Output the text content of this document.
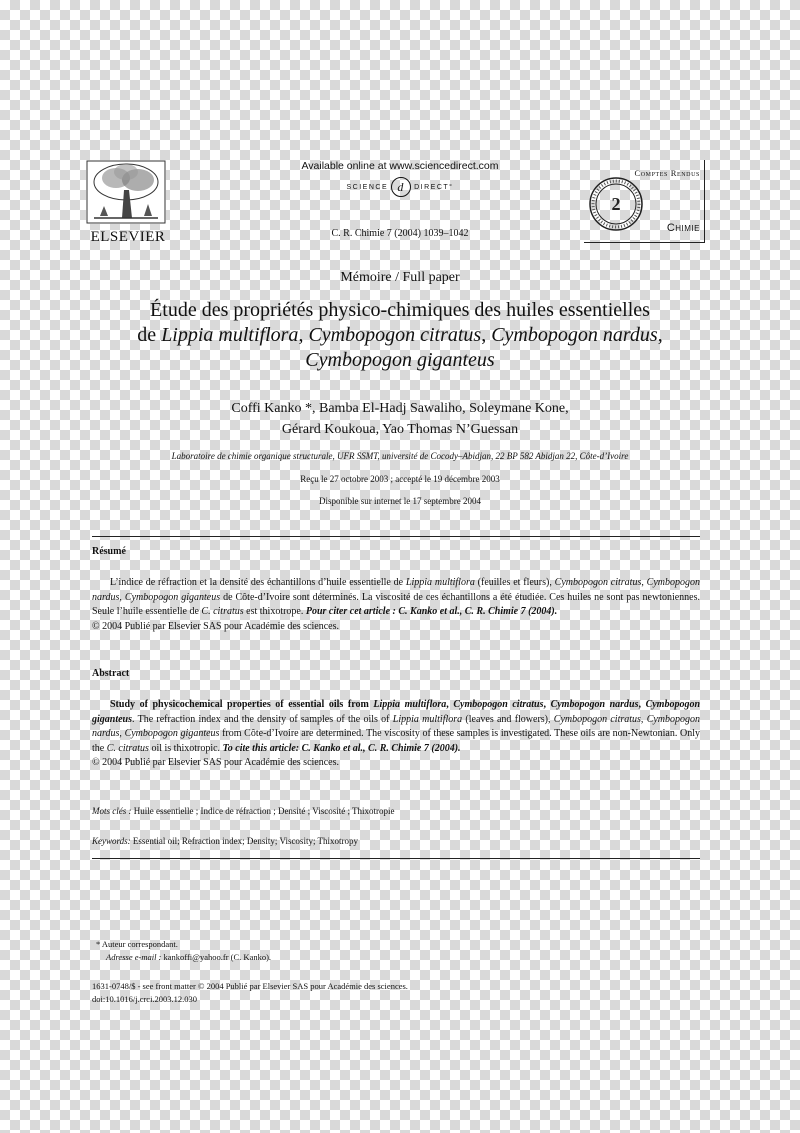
ELSEVIER
Available online at www.sciencedirect.com
SCIENCE d	DIRECT°
C. R. Chimie 7 (2004) 1039–1042
Comptes Rendus
2
Chimie
Mémoire / Full paper
Étude des propriétés physico-chimiques des huiles essentielles
de Lippia multiflora, Cymbopogon citratus, Cymbopogon nardus,
Cymbopogon giganteus
Coffi Kanko *, Bamba El-Hadj Sawaliho, Soleymane Kone,
Gérard Koukoua, Yao Thomas N’Guessan
Laboratoire de chimie organique structurale, UFR SSMT, université de Cocody–Abidjan, 22 BP 582 Abidjan 22, Côte-d’Ivoire
Reçu le 27 octobre 2003 ; accepté le 19 décembre 2003
Disponible sur internet le 17 septembre 2004
Résumé
L’indice de réfraction et la densité des échantillons d’huile essentielle de Lippia multiflora (feuilles et fleurs), Cymbopogon citratus, Cymbopogon nardus, Cymbopogon giganteus de Côte-d’Ivoire sont déterminés. La viscosité de ces échantillons a été étudiée. Ces huiles ne sont pas newtoniennes. Seule l’huile essentielle de C. citratus est thixotrope. Pour citer cet article : C. Kanko et al., C. R. Chimie 7 (2004).
© 2004 Publié par Elsevier SAS pour Académie des sciences.
Abstract
Study of physicochemical properties of essential oils from Lippia multiflora, Cymbopogon citratus, Cymbopogon nardus, Cymbopogon giganteus. The refraction index and the density of samples of the oils of Lippia multiflora (leaves and flowers), Cymbopogon citratus, Cymbopogon nardus, Cymbopogon giganteus from Côte-d’Ivoire are determined. The viscosity of these samples is investigated. These oils are non-Newtonian. Only the C. citratus oil is thixotropic. To cite this article: C. Kanko et al., C. R. Chimie 7 (2004).
© 2004 Publié par Elsevier SAS pour Académie des sciences.
Mots clés : Huile essentielle ; Indice de réfraction ; Densité ; Viscosité ; Thixotropie
Keywords: Essential oil; Refraction index; Density; Viscosity; Thixotropy
* Auteur correspondant.
Adresse e-mail : kankoffi@yahoo.fr (C. Kanko).
1631-0748/$ - see front matter © 2004 Publié par Elsevier SAS pour Académie des sciences.
doi:10.1016/j.crci.2003.12.030
